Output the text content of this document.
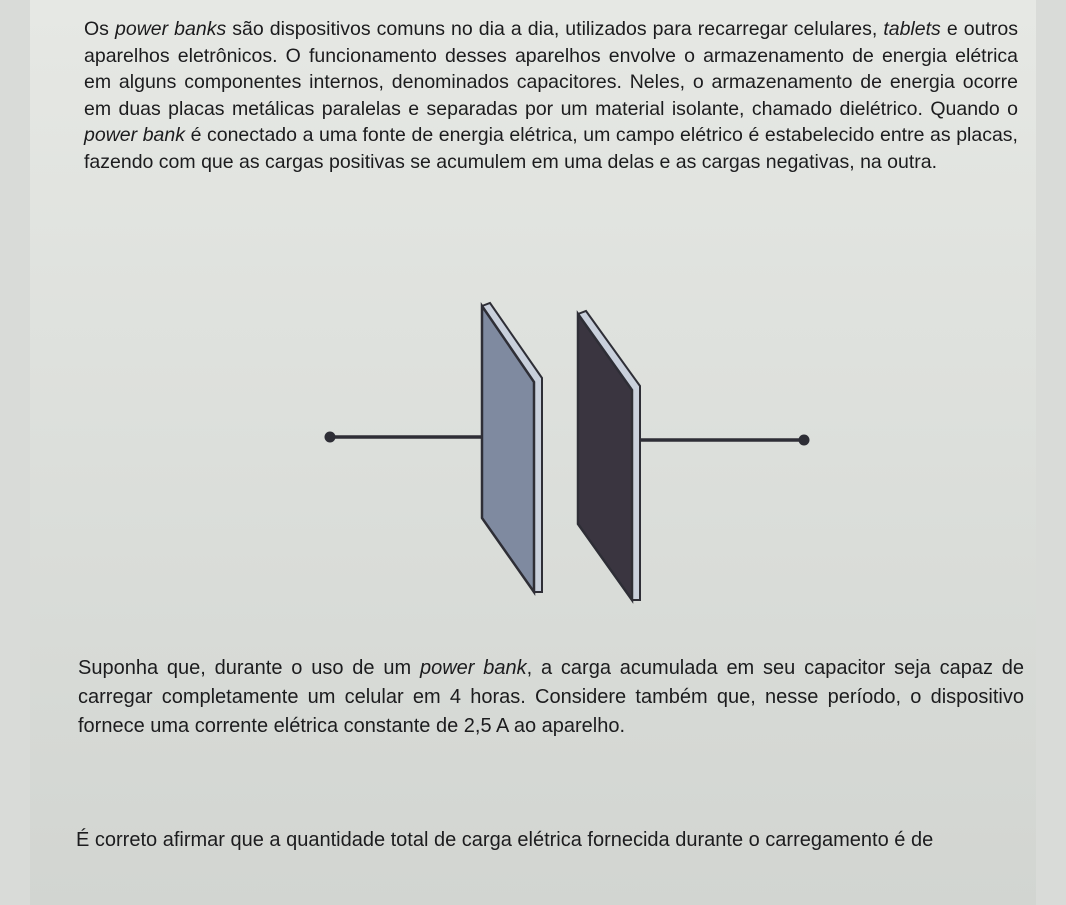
Os power banks são dispositivos comuns no dia a dia, utilizados para recarregar celulares, tablets e outros aparelhos eletrônicos. O funcionamento desses aparelhos envolve o armazenamento de energia elétrica em alguns componentes internos, denominados capacitores. Neles, o armazenamento de energia ocorre em duas placas metálicas paralelas e separadas por um material isolante, chamado dielétrico. Quando o power bank é conectado a uma fonte de energia elétrica, um campo elétrico é estabelecido entre as placas, fazendo com que as cargas positivas se acumulem em uma delas e as cargas negativas, na outra.

Suponha que, durante o uso de um power bank, a carga acumulada em seu capacitor seja capaz de carregar completamente um celular em 4 horas. Considere também que, nesse período, o dispositivo fornece uma corrente elétrica constante de 2,5 A ao aparelho.

É correto afirmar que a quantidade total de carga elétrica fornecida durante o carregamento é de
